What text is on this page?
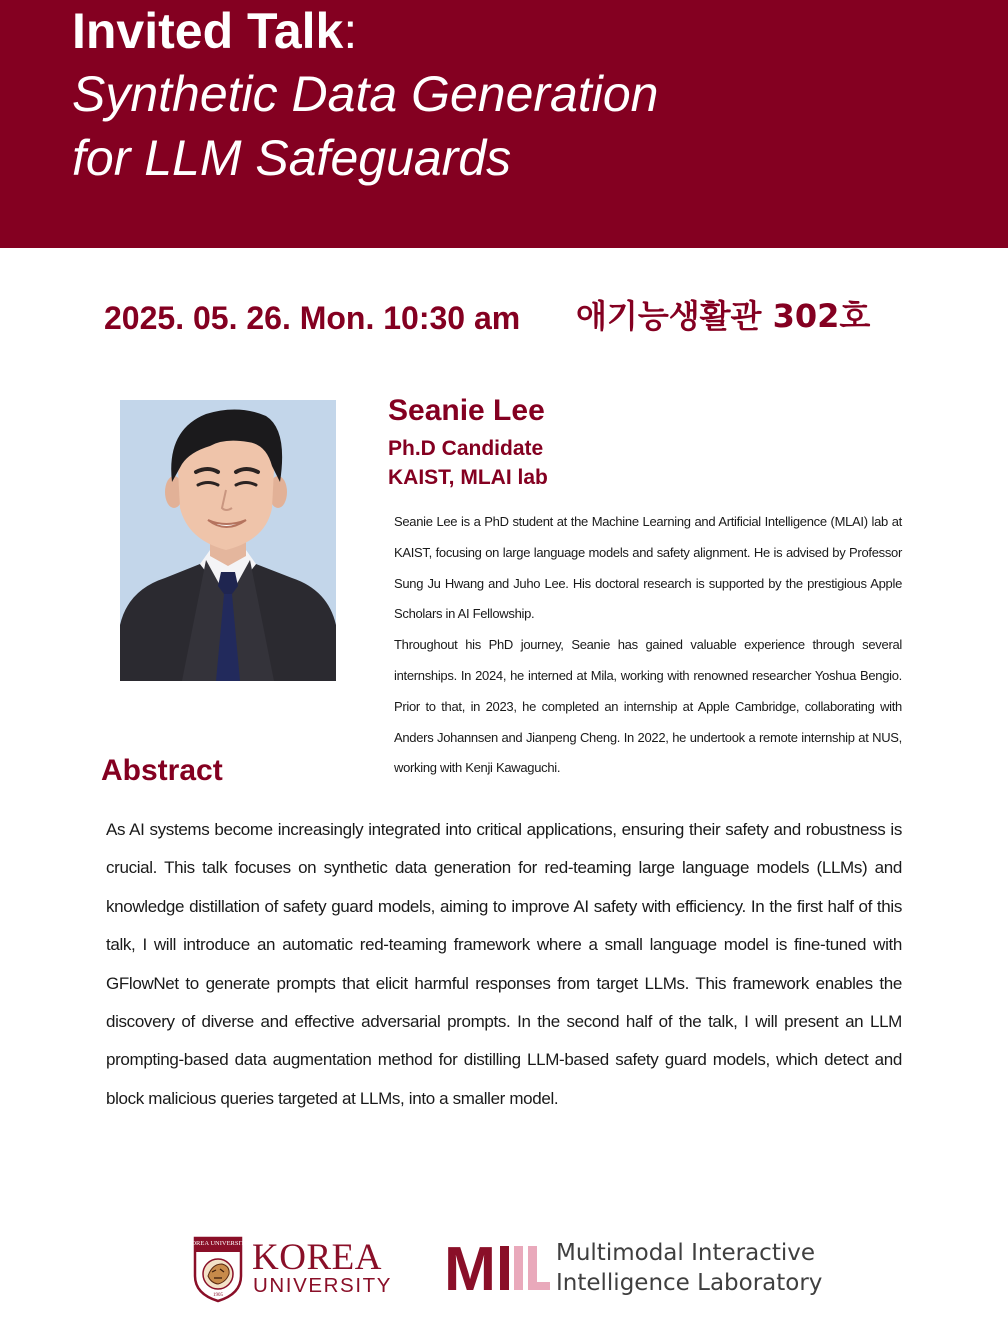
Invited Talk:
Synthetic Data Generation
for LLM Safeguards
2025. 05. 26. Mon. 10:30 am 애기능생활관 302호
Seanie Lee
Ph.D Candidate
KAIST, MLAI lab

Seanie Lee is a PhD student at the Machine Learning and Artificial Intelligence (MLAI) lab at KAIST, focusing on large language models and safety alignment. He is advised by Professor Sung Ju Hwang and Juho Lee. His doctoral research is supported by the prestigious Apple Scholars in AI Fellowship.

Throughout his PhD journey, Seanie has gained valuable experience through several internships. In 2024, he interned at Mila, working with renowned researcher Yoshua Bengio. Prior to that, in 2023, he completed an internship at Apple Cambridge, collaborating with Anders Johannsen and Jianpeng Cheng. In 2022, he undertook a remote internship at NUS, working with Kenji Kawaguchi.

Abstract
As AI systems become increasingly integrated into critical applications, ensuring their safety and robustness is crucial. This talk focuses on synthetic data generation for red-teaming large language models (LLMs) and knowledge distillation of safety guard models, aiming to improve AI safety with efficiency. In the first half of this talk, I will introduce an automatic red-teaming framework where a small language model is fine-tuned with GFlowNet to generate prompts that elicit harmful responses from target LLMs. This framework enables the discovery of diverse and effective adversarial prompts. In the second half of the talk, I will present an LLM prompting-based data augmentation method for distilling LLM-based safety guard models, which detect and block malicious queries targeted at LLMs, into a smaller model.
KOREA UNIVERSITY
1905
KOREA
UNIVERSITY M	Multimodal Interactive
Intelligence Laboratory
